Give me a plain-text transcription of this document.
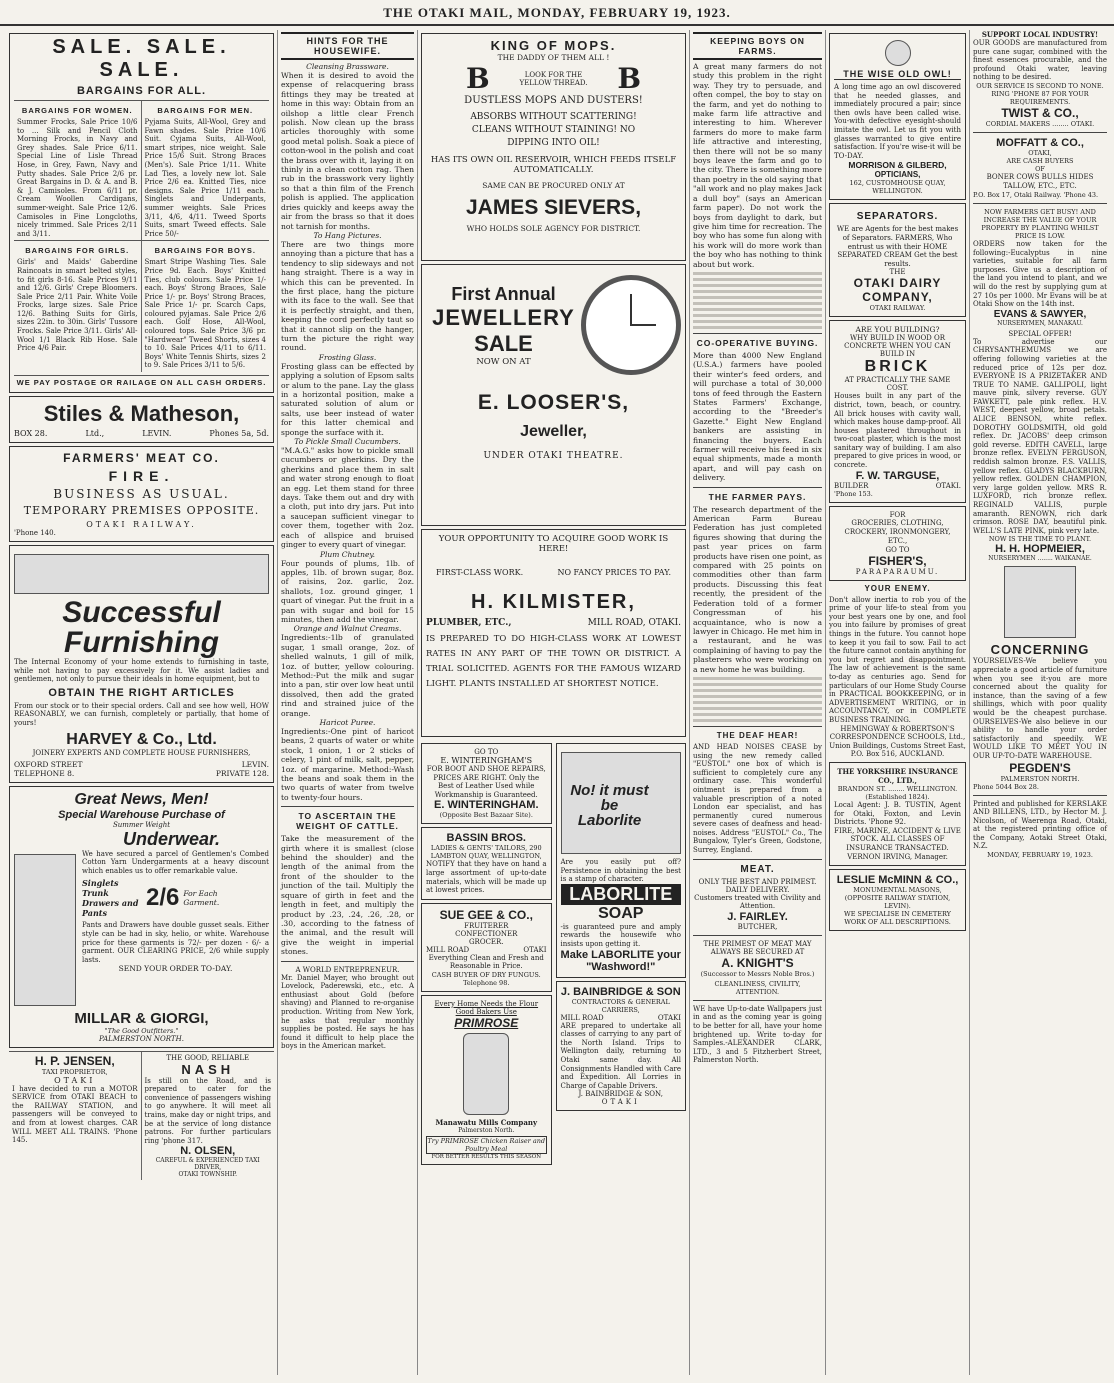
THE OTAKI MAIL, MONDAY, FEBRUARY 19, 1923.
SALE. SALE. SALE.
BARGAINS FOR ALL.
BARGAINS FOR WOMEN.

Summer Frocks, Sale Price 10/6 to ... Silk and Pencil Cloth Morning Frocks, in Navy and Grey shades. Sale Price 6/11. Special Line of Lisle Thread Hose, in Grey, Fawn, Navy and Putty shades. Sale Price 2/6 pr. Great Bargains in D. & A. and B. & J. Camisoles. From 6/11 pr. Cream Woollen Cardigans, summer-weight. Sale Price 12/6. Camisoles in Fine Longcloths, nicely trimmed. Sale Prices 2/11 and 3/11.

BARGAINS FOR MEN.

Pyjama Suits, All-Wool, Grey and Fawn shades. Sale Price 10/6 Suit. Cyjama Suits, All-Wool, smart stripes, nice weight. Sale Price 15/6 Suit. Strong Braces (Men's). Sale Price 1/11. White Lad Ties, a lovely new lot. Sale Price 2/6 ea. Knitted Ties, nice designs. Sale Price 1/11 each. Singlets and Underpants, summer weights. Sale Prices 3/11, 4/6, 4/11. Tweed Sports Suits, smart Tweed effects. Sale Price 50/-

BARGAINS FOR GIRLS.

Girls' and Maids' Gaberdine Raincoats in smart belted styles, to fit girls 8-16. Sale Prices 9/11 and 12/6. Girls' Crepe Bloomers. Sale Price 2/11 Pair. White Voile Frocks, large sizes. Sale Price 12/6. Bathing Suits for Girls, sizes 22in. to 30in. Girls' Tussore Frocks. Sale Price 3/11. Girls' All-Wool 1/1 Black Rib Hose. Sale Price 4/6 Pair.

BARGAINS FOR BOYS.

Smart Stripe Washing Ties. Sale Price 9d. Each. Boys' Knitted Ties, club colours. Sale Price 1/- each. Boys' Strong Braces, Sale Price 1/- pr. Boys' Strong Braces, Sale Price 1/- pr. Scarch Caps, coloured pyjamas. Sale Price 2/6 each. Golf Hose, All-Wool, coloured tops. Sale Price 3/6 pr. "Hardwear" Tweed Shorts, sizes 4 to 10. Sale Prices 4/11 to 6/11. Boys' White Tennis Shirts, sizes 2 to 9. Sale Prices 3/11 to 5/6.

WE PAY POSTAGE OR RAILAGE ON ALL CASH ORDERS.
Stiles & Matheson,
BOX 28.	Ltd.,	LEVIN.	Phones 5a, 5d.
FARMERS' MEAT CO.
FIRE.
BUSINESS AS USUAL.
TEMPORARY PREMISES OPPOSITE.
OTAKI RAILWAY.
'Phone 140.
Successful Furnishing

The Internal Economy of your home extends to furnishing in taste, while not having to pay excessively for it. We assist ladies and gentlemen, not only to pursue their ideals in home equipment, but to

OBTAIN THE RIGHT ARTICLES

From our stock or to their special orders. Call and see how well, HOW REASONABLY, we can furnish, completely or partially, that home of yours!

HARVEY & Co., Ltd.
JOINERY EXPERTS AND COMPLETE HOUSE FURNISHERS,
OXFORD STREET	LEVIN.
TELEPHONE 8.	PRIVATE 128.
Great News, Men!
Special Warehouse Purchase of
Summer Weight
Underwear.

We have secured a parcel of Gentlemen's Combed Cotton Yarn Undergarments at a heavy discount which enables us to offer remarkable value.

Singlets Trunk Drawers and Pants
2/6 For Each Garment.

Pants and Drawers have double gusset seals. Either style can be had in sky, helio, or white. Warehouse price for these garments is 72/- per dozen - 6/- a garment. OUR CLEARING PRICE, 2/6 while supply lasts.

SEND YOUR ORDER TO-DAY.
MILLAR & GIORGI,
"The Good Outfitters."
PALMERSTON NORTH.
H. P. JENSEN,
TAXI PROPRIETOR,
OTAKI

I have decided to run a MOTOR SERVICE from OTAKI BEACH to the RAILWAY STATION, and passengers will be conveyed to and from at lowest charges. CAR WILL MEET ALL TRAINS. 'Phone 145.

THE GOOD, RELIABLE
NASH

Is still on the Road, and is prepared to cater for the convenience of passengers wishing to go anywhere. It will meet all trains, make day or night trips, and be at the service of long distance patrons. For further particulars ring 'phone 317.

N. OLSEN,
CAREFUL & EXPERIENCED TAXI DRIVER,
OTAKI TOWNSHIP.
HINTS FOR THE HOUSEWIFE.
Cleansing Brassware.

When it is desired to avoid the expense of relacquering brass fittings they may be treated at home in this way: Obtain from an oilshop a little clear French polish. Now clean up the brass articles thoroughly with some good metal polish. Soak a piece of cotton-wool in the polish and coat the brass over with it, laying it on thinly in a clean cotton rag. Then rub in the brasswork very lightly so that a thin film of the French polish is applied. The application dries quickly and keeps away the air from the brass so that it does not tarnish for months.

To Hang Pictures.

There are two things more annoying than a picture that has a tendency to slip sideways and not hang straight. There is a way in which this can be prevented. In the first place, hang the picture with its face to the wall. See that it is perfectly straight, and then, keeping the cord perfectly taut so that it cannot slip on the hanger, turn the picture the right way round.

Frosting Glass.

Frosting glass can be effected by applying a solution of Epsom salts or alum to the pane. Lay the glass in a horizontal position, make a saturated solution of alum or salts, use beer instead of water for this latter chemical and sponge the surface with it.

To Pickle Small Cucumbers.

"M.A.G." asks how to pickle small cucumbers or gherkins. Dry the gherkins and place them in salt and water strong enough to float an egg. Let them stand for three days. Take them out and dry with a cloth, put into dry jars. Put into a saucepan sufficient vinegar to cover them, together with 2oz. each of allspice and bruised ginger to every quart of vinegar.

Plum Chutney.

Four pounds of plums, 1lb. of apples, 1lb. of brown sugar, 8oz. of raisins, 2oz. garlic, 2oz. shallots, 1oz. ground ginger, 1 quart of vinegar. Put the fruit in a pan with sugar and boil for 15 minutes, then add the vinegar.

Orange and Walnut Creams.

Ingredients:-1lb of granulated sugar, 1 small orange, 2oz. of shelled walnuts, 1 gill of milk, 1oz. of butter, yellow colouring. Method:-Put the milk and sugar into a pan, stir over low heat until dissolved, then add the grated rind and strained juice of the orange.

Haricot Puree.

Ingredients:-One pint of haricot beans, 2 quarts of water or white stock, 1 onion, 1 or 2 sticks of celery, 1 pint of milk, salt, pepper, 1oz. of margarine. Method:-Wash the beans and soak them in the two quarts of water from twelve to twenty-four hours.

TO ASCERTAIN THE WEIGHT OF CATTLE.

Take the measurement of the girth where it is smallest (close behind the shoulder) and the length of the animal from the front of the shoulder to the junction of the tail. Multiply the square of girth in feet and the length in feet, and multiply the product by .23, .24, .26, .28, or .30, according to the fatness of the animal, and the result will give the weight in imperial stones.

A WORLD ENTREPRENEUR.

Mr. Daniel Mayer, who brought out Lovelock, Paderewski, etc., etc. A enthusiast about Gold (before shaving) and Planned to re-organise production. Writing from New York, he asks that regular monthly supplies be posted. He says he has found it difficult to help place the boys in the American market.

KING OF MOPS.
THE DADDY OF THEM ALL !
B	LOOK FOR THE YELLOW THREAD. B
DUSTLESS MOPS AND DUSTERS!
ABSORBS WITHOUT SCATTERING! CLEANS WITHOUT STAINING! NO DIPPING INTO OIL!
HAS ITS OWN OIL RESERVOIR, WHICH FEEDS ITSELF AUTOMATICALLY.
SAME CAN BE PROCURED ONLY AT
JAMES SIEVERS,
WHO HOLDS SOLE AGENCY FOR DISTRICT.
First Annual
JEWELLERY
SALE
NOW ON AT
E. LOOSER'S,
Jeweller,
UNDER OTAKI THEATRE.
YOUR OPPORTUNITY TO ACQUIRE GOOD WORK IS HERE!
FIRST-CLASS WORK.	NO FANCY PRICES TO PAY.
H. KILMISTER,
PLUMBER, ETC.,	MILL ROAD, OTAKI.
IS PREPARED TO DO HIGH-CLASS WORK AT LOWEST RATES IN ANY PART OF THE TOWN OR DISTRICT. A TRIAL SOLICITED. AGENTS FOR THE FAMOUS WIZARD LIGHT. PLANTS INSTALLED AT SHORTEST NOTICE.
GO TO
E. WINTERINGHAM'S

FOR BOOT AND SHOE REPAIRS, PRICES ARE RIGHT. Only the Best of Leather Used while Workmanship is Guaranteed.

E. WINTERINGHAM.
(Opposite Best Bazaar Site).
BASSIN BROS.
LADIES & GENTS' TAILORS, 290 LAMBTON QUAY, WELLINGTON,

NOTIFY that they have on hand a large assortment of up-to-date materials, which will be made up at lowest prices.

SUE GEE & CO.,
FRUITERER
CONFECTIONER
GROCER.
MILL ROAD	OTAKI

Everything Clean and Fresh and Reasonable in Price.

CASH BUYER OF DRY FUNGUS. Telephone 98.
Every Home Needs the Flour Good Bakers Use
PRIMROSE
Manawatu Mills Company
Palmerston North.
Try PRIMROSE Chicken Raiser and Poultry Meal
FOR BETTER RESULTS THIS SEASON
No! it must be Laborlite

Are you easily put off? Persistence in obtaining the best is a stamp of character.

LABORLITE
SOAP

-is guaranteed pure and amply rewards the housewife who insists upon getting it.

Make LABORLITE your "Washword!"
J. BAINBRIDGE & SON
CONTRACTORS & GENERAL
CARRIERS,
MILL ROAD	OTAKI

ARE prepared to undertake all classes of carrying to any part of the North Island. Trips to Wellington daily, returning to Otaki same day. All Consignments Handled with Care and Expedition. All Lorries in Charge of Capable Drivers.

J. BAINBRIDGE & SON,
OTAKI
KEEPING BOYS ON FARMS.

A great many farmers do not study this problem in the right way. They try to persuade, and often compel, the boy to stay on the farm, and yet do nothing to make farm life attractive and interesting to him. Wherever farmers do more to make farm life attractive and interesting, then there will not be so many boys leave the farm and go to the city. There is something more than poetry in the old saying that "all work and no play makes Jack a dull boy" (says an American farm paper). Do not work the boys from daylight to dark, but give him time for recreation. The boy who has some fun along with his work will do more work than the boy who has nothing to think about but work.

CO-OPERATIVE BUYING.

More than 4000 New England (U.S.A.) farmers have pooled their winter's feed orders, and will purchase a total of 30,000 tons of feed through the Eastern States Farmers' Exchange, according to the "Breeder's Gazette." Eight New England bankers are assisting in financing the buyers. Each farmer will receive his feed in six equal shipments, made a month apart, and will pay cash on delivery.

THE FARMER PAYS.

The research department of the American Farm Bureau Federation has just completed figures showing that during the past year prices on farm products have risen one point, as compared with 25 points on commodities other than farm products. Discussing this feat recently, the president of the Federation told of a former Congressman of his acquaintance, who is now a lawyer in Chicago. He met him in a restaurant, and he was complaining of having to pay the plasterers who were working on a new home he was building.

THE DEAF HEAR!

AND HEAD NOISES CEASE by using the new remedy called "EUSTOL" one box of which is sufficient to completely cure any ordinary case. This wonderful ointment is prepared from a valuable prescription of a noted London ear specialist, and has permanently cured numerous severe cases of deafness and head-noises. Address "EUSTOL" Co., The Bungalow, Tyler's Green, Godstone, Surrey, England.

MEAT.
ONLY THE BEST AND PRIMEST. DAILY DELIVERY.

Customers treated with Civility and Attention.

J. FAIRLEY.
BUTCHER,
THE PRIMEST OF MEAT MAY ALWAYS BE SECURED AT
A. KNIGHT'S
(Successor to Messrs Noble Bros.)
CLEANLINESS, CIVILITY, ATTENTION.

WE have Up-to-date Wallpapers just in and as the coming year is going to be better for all, have your home brightened up. Write to-day for Samples.-ALEXANDER CLARK, LTD., 3 and 5 Fitzherbert Street, Palmerston North.

THE WISE OLD OWL!

A long time ago an owl discovered that he needed glasses, and immediately procured a pair; since then owls have been called wise. You-with defective eyesight-should imitate the owl. Let us fit you with glasses warranted to give entire satisfaction. If you're wise-it will be TO-DAY.

MORRISON & GILBERD,
OPTICIANS,
162, CUSTOMHOUSE QUAY, WELLINGTON.
SEPARATORS.

WE are Agents for the best makes of Separators. FARMERS, Who entrust us with their HOME SEPARATED CREAM Get the best results.

THE
OTAKI DAIRY COMPANY,
OTAKI RAILWAY.
ARE YOU BUILDING?
WHY BUILD IN WOOD OR CONCRETE WHEN YOU CAN BUILD IN
BRICK
AT PRACTICALLY THE SAME COST.

Houses built in any part of the district, town, beach, or country. All brick houses with cavity wall, which makes house damp-proof. All houses plastered throughout in two-coat plaster, which is the most sanitary way of building. I am also prepared to give prices in wood, or concrete.

F. W. TARGUSE,
BUILDER	OTAKI.
'Phone 153.
FOR
GROCERIES, CLOTHING, CROCKERY, IRONMONGERY, ETC.,
GO TO
FISHER'S,
PARAPARAUMU.
YOUR ENEMY.

Don't allow inertia to rob you of the prime of your life-to steal from you your best years one by one, and fool you into failure by promises of great things in the future. You cannot hope to keep it you fail to sow. Fail to act the future cannot contain anything for you but regret and disappointment. The law of achievement is the same to-day as centuries ago. Send for particulars of our Home Study Course in PRACTICAL BOOKKEEPING, or in ADVERTISEMENT WRITING, or in ACCOUNTANCY, or in COMPLETE BUSINESS TRAINING.

HEMINGWAY & ROBERTSON'S CORRESPONDENCE SCHOOLS, Ltd., Union Buildings, Customs Street East, P.O. Box 516, AUCKLAND.

THE YORKSHIRE INSURANCE CO., LTD.,
BRANDON ST. ........ WELLINGTON. (Established 1824).

Local Agent: J. B. TUSTIN, Agent for Otaki, Foxton, and Levin Districts. 'Phone 92.

FIRE, MARINE, ACCIDENT & LIVE STOCK. ALL CLASSES OF INSURANCE TRANSACTED. VERNON IRVING, Manager.

LESLIE McMINN & CO.,
MONUMENTAL MASONS,
(OPPOSITE RAILWAY STATION, LEVIN).
WE SPECIALISE IN CEMETERY WORK OF ALL DESCRIPTIONS.
SUPPORT LOCAL INDUSTRY!

OUR GOODS are manufactured from pure cane sugar, combined with the finest essences procurable, and the profound Otaki water, leaving nothing to be desired.

OUR SERVICE IS SECOND TO NONE.
RING 'PHONE 87 FOR YOUR REQUIREMENTS.
TWIST & CO.,
CORDIAL MAKERS ........ OTAKI.
MOFFATT & CO.,
OTAKI,
ARE CASH BUYERS
OF
BONER COWS BULLS HIDES TALLOW, ETC., ETC.
P.O. Box 17, Otaki Railway. 'Phone 43.
NOW FARMERS GET BUSY! AND INCREASE THE VALUE OF YOUR PROPERTY BY PLANTING WHILST PRICE IS LOW.

ORDERS now taken for the following:-Eucalyptus in nine varieties, suitable for all farm purposes. Give us a description of the land you intend to plant, and we will do the rest by supplying gum at 27 10s per 1000. Mr Evans will be at Otaki Show on the 14th inst.

EVANS & SAWYER,
NURSERYMEN, MANAKAU.
SPECIAL OFFER!

To advertise our CHRYSANTHEMUMS we are offering following varieties at the reduced price of 12s per doz. EVERYONE IS A PRIZETAKER AND TRUE TO NAME. GALLIPOLI, light mauve pink, silvery reverse. GUY FAWKETT, pale pink reflex. H.V. WEST, deepest yellow, broad petals. ALICE BENSON, white reflex. DOROTHY GOLDSMITH, old gold reflex. Dr. JACOBS' deep crimson gold reverse. EDITH CAVELL, large bronze reflex. EVELYN FERGUSON, reddish salmon bronze. F.S. VALLIS, yellow reflex. GLADYS BLACKBURN, yellow reflex. GOLDEN CHAMPION, very large golden yellow. MRS R. LUXFORD, rich bronze reflex. REGINALD VALLIS, purple amaranth. RENOWN, rich dark crimson. ROSE DAY, beautiful pink. WELL'S LATE PINK, pink very late.

NOW IS THE TIME TO PLANT.
H. H. HOPMEIER,
NURSERYMEN ........ WAIKANAE.
CONCERNING

YOURSELVES-We believe you appreciate a good article of furniture when you see it-you are more concerned about the quality for instance, than the saving of a few shillings, which with poor quality would be the cheapest purchase. OURSELVES-We also believe in our ability to handle your order satisfactorily and speedily. WE WOULD LIKE TO MEET YOU IN OUR UP-TO-DATE WAREHOUSE.

PEGDEN'S
PALMERSTON NORTH.
Phone 5044 Box 28.

Printed and published for KERSLAKE AND BILLENS, LTD., by Hector M. J. Nicolson, of Waerenga Road, Otaki, at the registered printing office of the Company, Aotaki Street Otaki, N.Z.

MONDAY, FEBRUARY 19, 1923.
